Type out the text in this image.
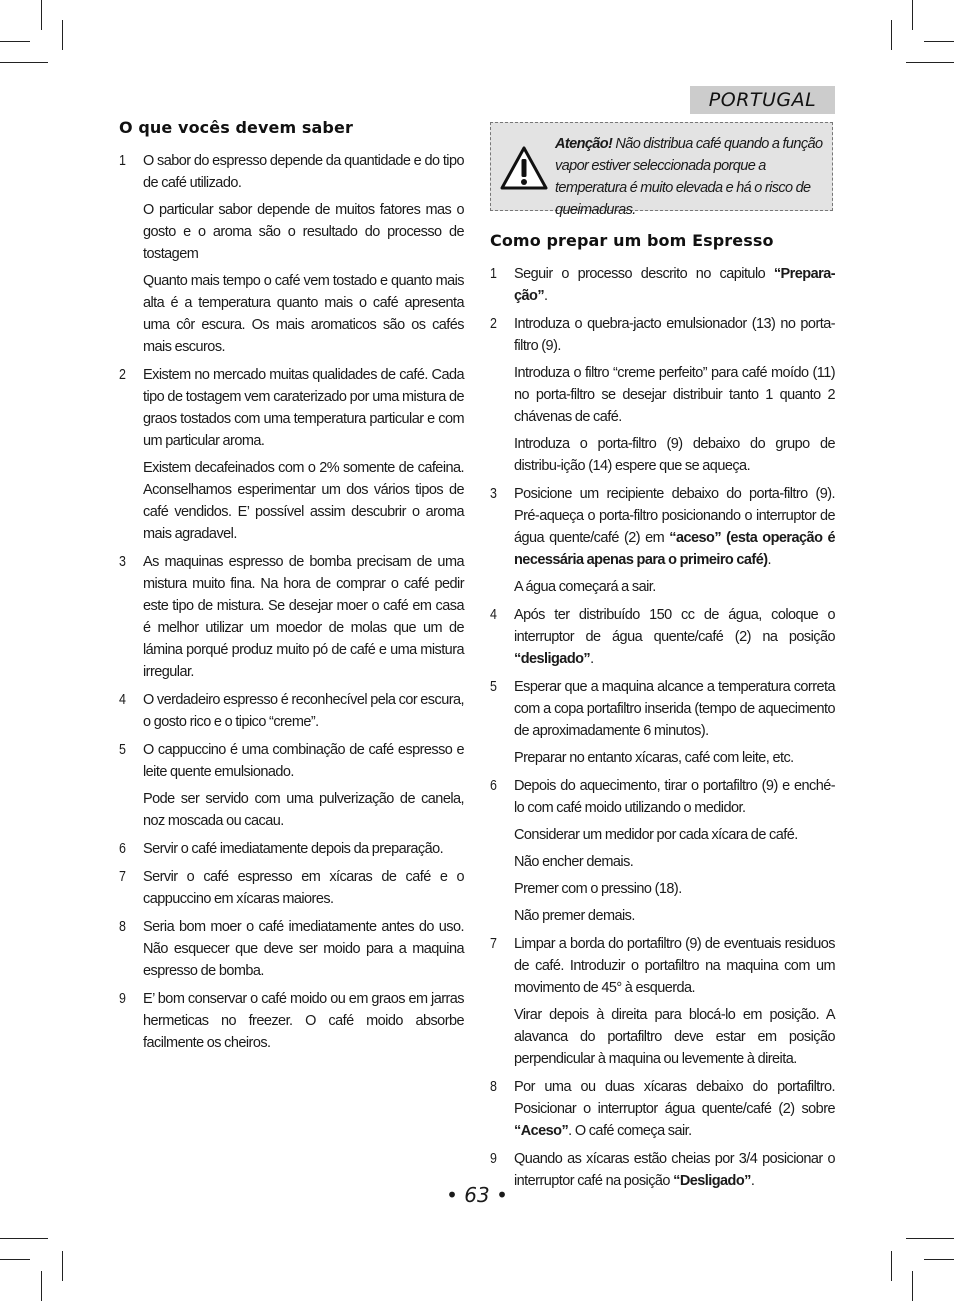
PORTUGAL
O que vocês devem saber
1 O sabor do espresso depende da quantidade e do tipo de café utilizado.

O particular sabor depende de muitos fatores mas o gosto e o aroma são o resultado do processo de tostagem

Quanto mais tempo o café vem tostado e quanto mais alta é a temperatura quanto mais o café apresenta uma côr escura. Os mais aromaticos são os cafés mais escuros.

2 Existem no mercado muitas qualidades de café. Cada tipo de tostagem vem caraterizado por uma mistura de graos tostados com uma temperatura particular e com um particular aroma.

Existem decafeinados com o 2% somente de cafeina. Aconselhamos esperimentar um dos vários tipos de café vendidos. E’ possível assim descubrir o aroma mais agradavel.

3 As maquinas espresso de bomba precisam de uma mistura muito fina. Na hora de comprar o café pedir este tipo de mistura. Se desejar moer o café em casa é melhor utilizar um moedor de molas que um de lámina porqué produz muito pó de café e uma mistura irregular.

4 O verdadeiro espresso é reconhecível pela cor escura, o gosto rico e o tipico “creme”.

5 O cappuccino é uma combinação de café espresso e leite quente emulsionado.

Pode ser servido com uma pulverização de canela, noz moscada ou cacau.

6 Servir o café imediatamente depois da preparação.

7 Servir o café espresso em xícaras de café e o cappuccino em xícaras maiores.

8 Seria bom moer o café imediatamente antes do uso. Não esquecer que deve ser moido para a maquina espresso de bomba.

9 E’ bom conservar o café moido ou em graos em jarras hermeticas no freezer. O café moido absorbe facilmente os cheiros.

Atenção! Não distribua café quando a função vapor estiver seleccionada porque a temperatura é muito elevada e há o risco de queimaduras.
Como prepar um bom Espresso
1 Seguir o processo descrito no capitulo “Prepara-ção”.

2 Introduza o quebra-jacto emulsionador (13) no porta-filtro (9).

Introduza o filtro “creme perfeito” para café moído (11) no porta-filtro se desejar distribuir tanto 1 quanto 2 chávenas de café.

Introduza o porta-filtro (9) debaixo do grupo de distribu-ição (14) espere que se aqueça.

3 Posicione um recipiente debaixo do porta-filtro (9). Pré-aqueça o porta-filtro posicionando o interruptor de água quente/café (2) em “aceso” (esta operação é necessária apenas para o primeiro café).

A água começará a sair.

4 Após ter distribuído 150 cc de água, coloque o interruptor de água quente/café (2) na posição “desligado”.

5 Esperar que a maquina alcance a temperatura correta com a copa portafiltro inserida (tempo de aquecimento de aproximadamente 6 minutos).

Preparar no entanto xícaras, café com leite, etc.

6 Depois do aquecimento, tirar o portafiltro (9) e enché-lo com café moido utilizando o medidor.

Considerar um medidor por cada xícara de café.

Não encher demais.

Premer com o pressino (18).

Não premer demais.

7 Limpar a borda do portafiltro (9) de eventuais residuos de café. Introduzir o portafiltro na maquina com um movimento de 45° à esquerda.

Virar depois à direita para blocá-lo em posição. A alavanca do portafiltro deve estar em posição perpendicular à maquina ou levemente à direita.

8 Por uma ou duas xícaras debaixo do portafiltro. Posicionar o interruptor água quente/café (2) sobre “Aceso”. O café começa sair.

9 Quando as xícaras estão cheias por 3/4 posicionar o interruptor café na posição “Desligado”.

• 63 •
